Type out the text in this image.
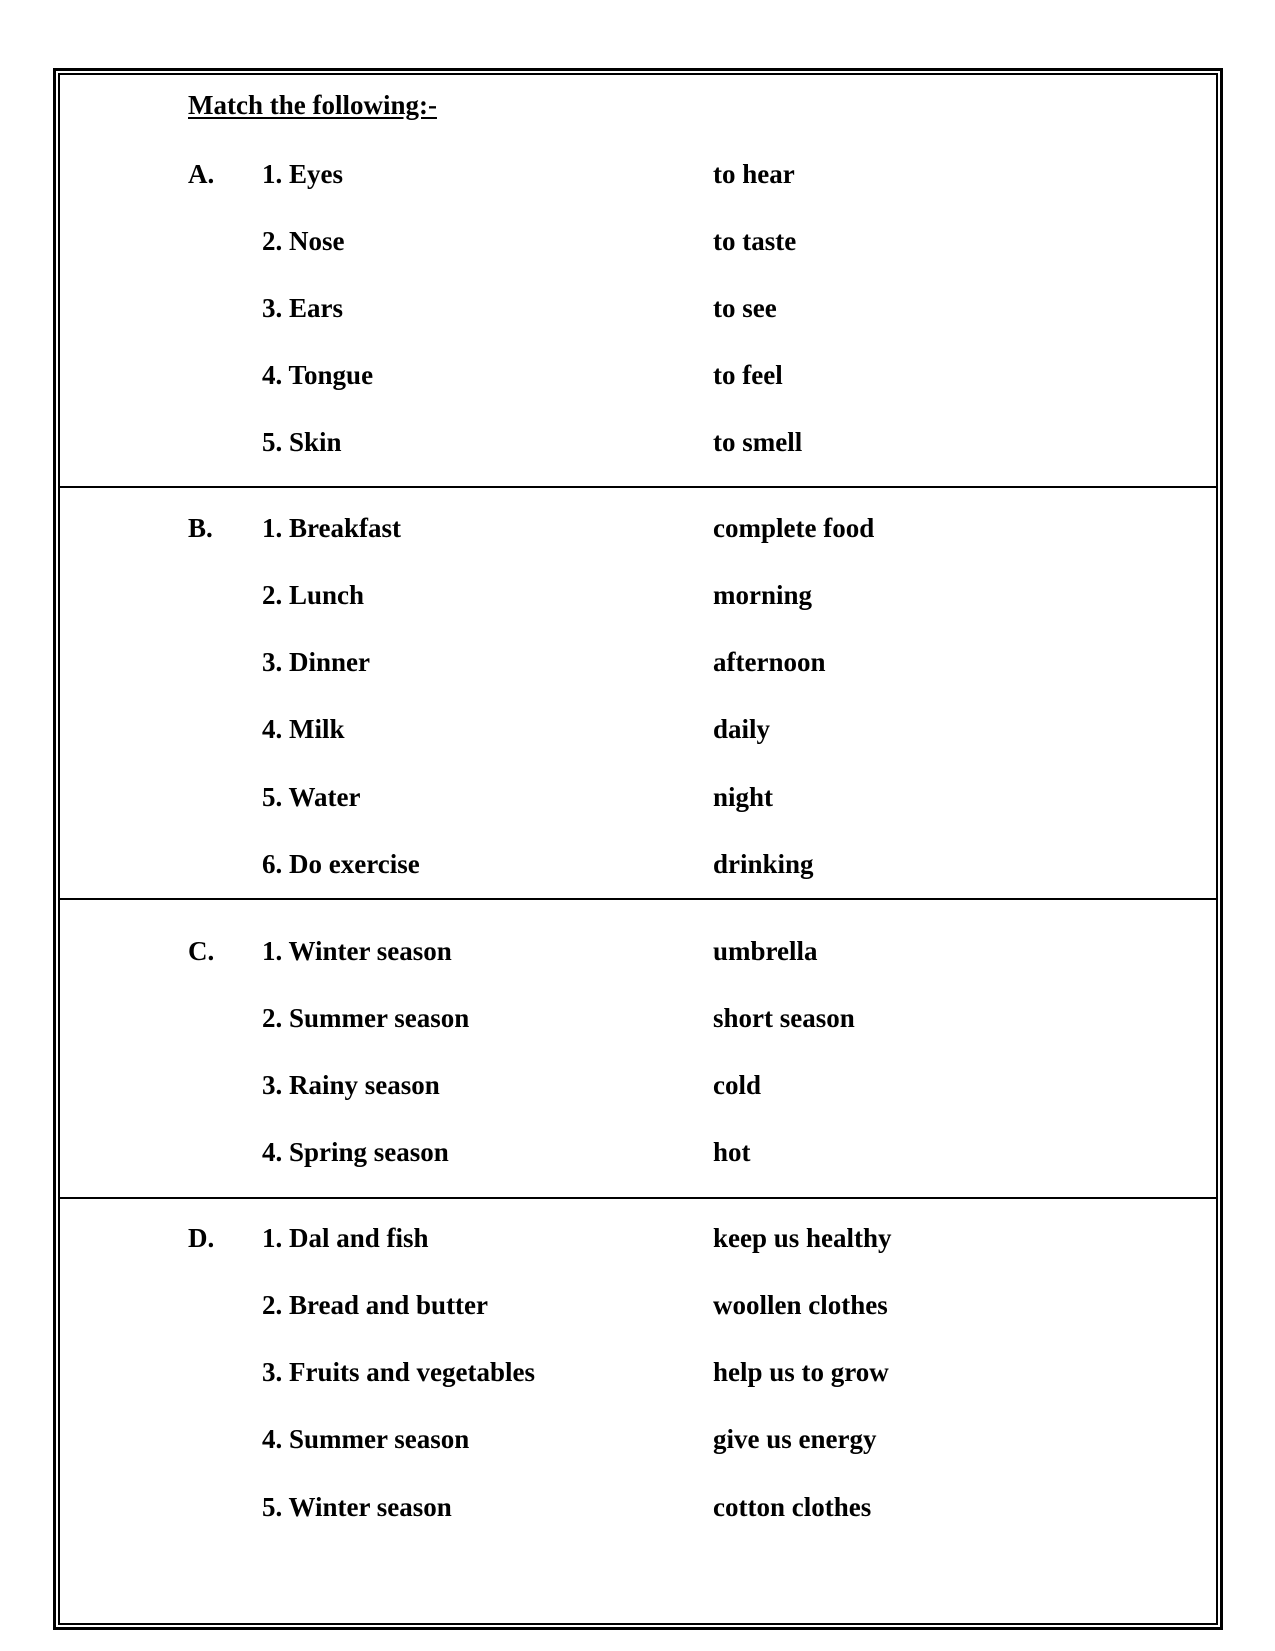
Match the following:-
A. 1. Eyes	to hear
2. Nose	to taste
3. Ears	to see
4. Tongue	to feel
5. Skin	to smell
B. 1. Breakfast	complete food
2. Lunch	morning
3. Dinner	afternoon
4. Milk	daily
5. Water	night
6. Do exercise	drinking
C. 1. Winter season	umbrella
2. Summer season	short season
3. Rainy season	cold
4. Spring season	hot
D. 1. Dal and fish	keep us healthy
2. Bread and butter	woollen clothes
3. Fruits and vegetables	help us to grow
4. Summer season	give us energy
5. Winter season	cotton clothes
